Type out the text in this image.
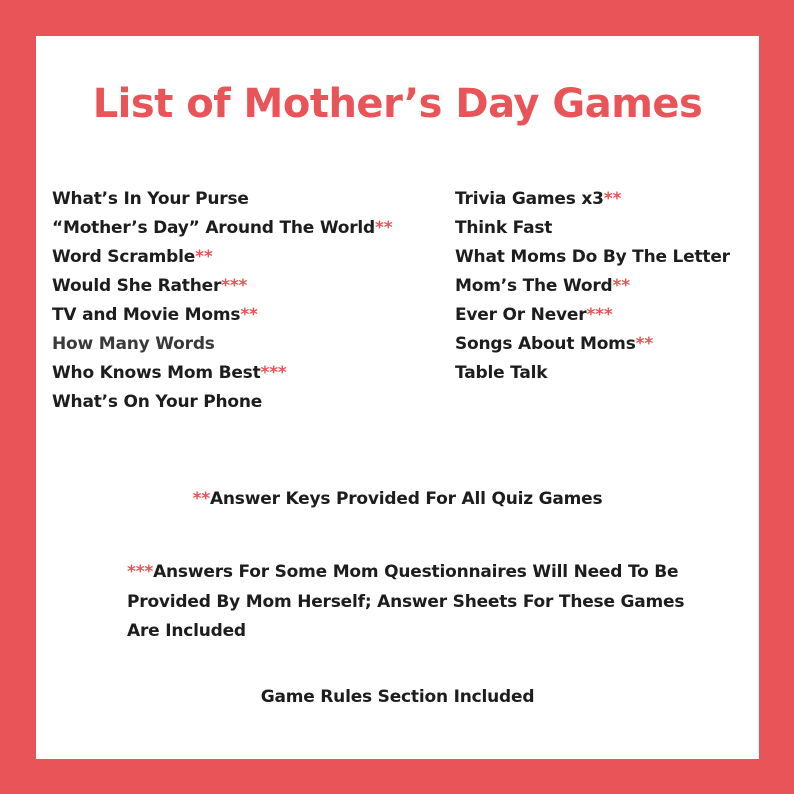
List of Mother’s Day Games
What’s In Your Purse
“Mother’s Day” Around The World**
Word Scramble**
Would She Rather***
TV and Movie Moms**
How Many Words
Who Knows Mom Best***
What’s On Your Phone
Trivia Games x3**
Think Fast
What Moms Do By The Letter
Mom’s The Word**
Ever Or Never***
Songs About Moms**
Table Talk

**Answer Keys Provided For All Quiz Games

***Answers For Some Mom Questionnaires Will Need To Be Provided By Mom Herself; Answer Sheets For These Games Are Included

Game Rules Section Included
